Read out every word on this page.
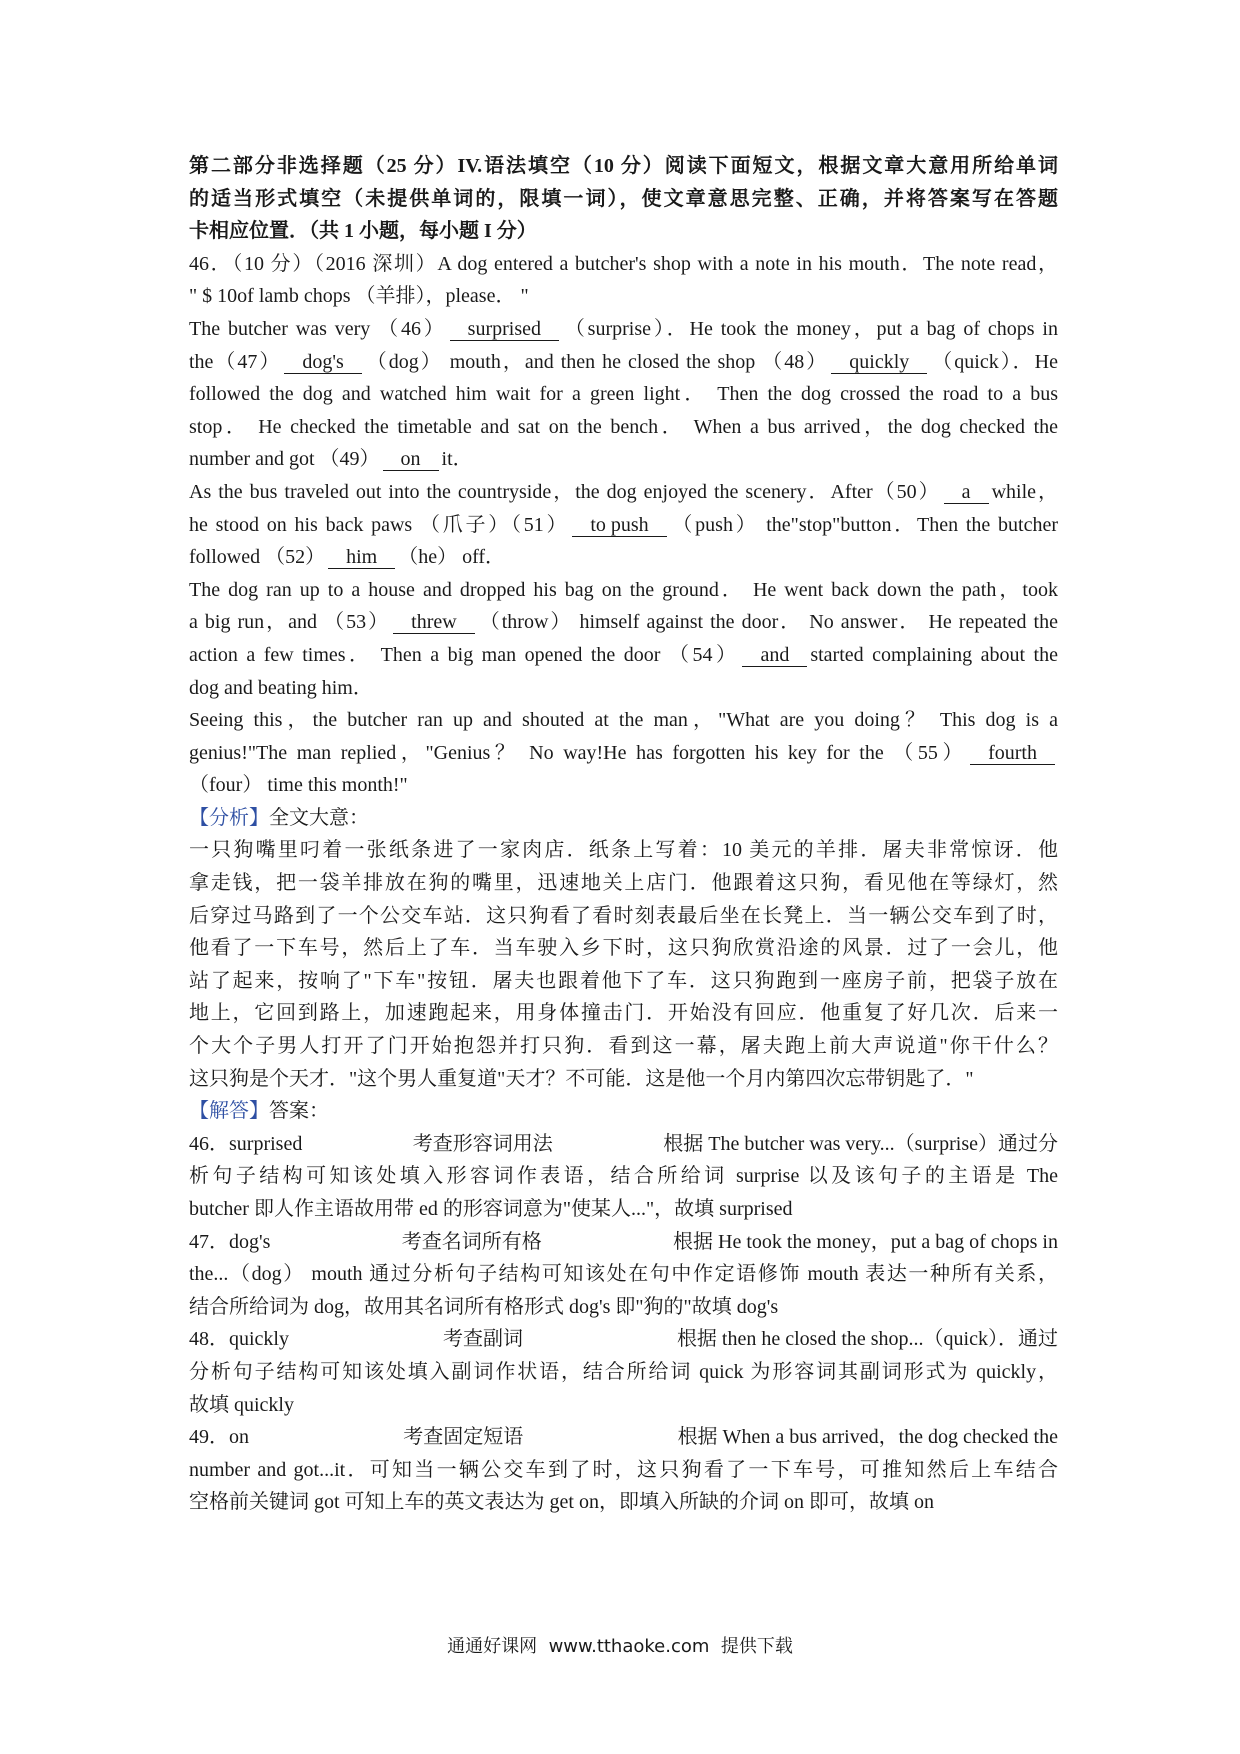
第二部分非选择题（25 分）IV.语法填空（10 分）阅读下面短文，根据文章大意用所给单词
的适当形式填空（未提供单词的，限填一词），使文章意思完整、正确，并将答案写在答题
卡相应位置．（共 1 小题，每小题 I 分）
46．（10 分）（2016 深圳）A dog entered a butcher's shop with a note in his mouth．The note read，
" $ 10of lamb chops （羊排），please． "
The butcher was very （46） surprised （surprise）．He took the money，put a bag of chops in
the（47） dog's （dog） mouth，and then he closed the shop （48） quickly （quick）．He
followed the dog and watched him wait for a green light． Then the dog crossed the road to a bus
stop． He checked the timetable and sat on the bench． When a bus arrived，the dog checked the
number and got （49） on it．
As the bus traveled out into the countryside，the dog enjoyed the scenery．After（50） a while，
he stood on his back paws （爪子）（51） to push （push） the"stop"button．Then the butcher
followed （52） him （he） off．
The dog ran up to a house and dropped his bag on the ground． He went back down the path，took
a big run，and （53） threw （throw） himself against the door． No answer． He repeated the
action a few times． Then a big man opened the door （54） and started complaining about the
dog and beating him．
Seeing this，the butcher ran up and shouted at the man，"What are you doing？ This dog is a
genius!"The man replied，"Genius？ No way!He has forgotten his key for the （55） fourth
（four） time this month!"
【分析】全文大意：
一只狗嘴里叼着一张纸条进了一家肉店．纸条上写着：10 美元的羊排．屠夫非常惊讶．他
拿走钱，把一袋羊排放在狗的嘴里，迅速地关上店门．他跟着这只狗，看见他在等绿灯，然
后穿过马路到了一个公交车站．这只狗看了看时刻表最后坐在长凳上．当一辆公交车到了时，
他看了一下车号，然后上了车．当车驶入乡下时，这只狗欣赏沿途的风景．过了一会儿，他
站了起来，按响了"下车"按钮．屠夫也跟着他下了车．这只狗跑到一座房子前，把袋子放在
地上，它回到路上，加速跑起来，用身体撞击门．开始没有回应．他重复了好几次．后来一
个大个子男人打开了门开始抱怨并打只狗．看到这一幕，屠夫跑上前大声说道"你干什么？
这只狗是个天才．"这个男人重复道"天才？不可能．这是他一个月内第四次忘带钥匙了．"
【解答】答案：
46．surprised	考查形容词用法	根据 The butcher was very...（surprise）通过分
析句子结构可知该处填入形容词作表语，结合所给词 surprise 以及该句子的主语是 The
butcher 即人作主语故用带 ed 的形容词意为"使某人..."，故填 surprised
47．dog's	考查名词所有格	根据 He took the money，put a bag of chops in
the...（dog） mouth 通过分析句子结构可知该处在句中作定语修饰 mouth 表达一种所有关系，
结合所给词为 dog，故用其名词所有格形式 dog's 即"狗的"故填 dog's
48．quickly	考查副词	根据 then he closed the shop...（quick）．通过
分析句子结构可知该处填入副词作状语，结合所给词 quick 为形容词其副词形式为 quickly，
故填 quickly
49．on	考查固定短语	根据 When a bus arrived，the dog checked the
number and got...it．可知当一辆公交车到了时，这只狗看了一下车号，可推知然后上车结合
空格前关键词 got 可知上车的英文表达为 get on，即填入所缺的介词 on 即可，故填 on
通通好课网  www.tthaoke.com  提供下载
